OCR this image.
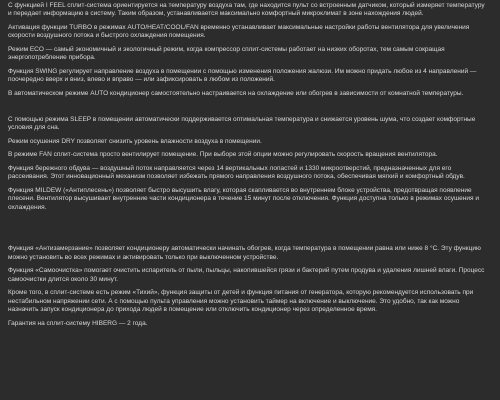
С функцией I FEEL сплит-система ориентируется на температуру воздуха там, где находится пульт со встроенным датчиком, который измеряет температуру и передает информацию в систему. Таким образом, устанавливается максимально комфортный микроклимат в зоне нахождения людей.

Активация функции TURBO в режимах AUTO/HEAT/COOL/FAN временно устанавливает максимальные настройки работы вентилятора для увеличения скорости воздушного потока и быстрого охлаждения помещения.

Режим ECO — самый экономичный и экологичный режим, когда компрессор сплит-системы работает на низких оборотах, тем самым сокращая энергопотребление прибора.

Функция SWING регулирует направление воздуха в помещении с помощью изменения положения жалюзи. Им можно придать любое из 4 направлений — поочередно вверх и вниз, влево и вправо — или зафиксировать в любом из положений.

В автоматическом режиме AUTO кондиционер самостоятельно настраивается на охлаждение или обогрев в зависимости от комнатной температуры.

С помощью режима SLEEP в помещении автоматически поддерживается оптимальная температура и снижается уровень шума, что создает комфортные условия для сна.

Режим осушения DRY позволяет снизить уровень влажности воздуха в помещении.

В режиме FAN сплит-система просто вентилирует помещение. При выборе этой опции можно регулировать скорость вращения вентилятора.

Функция бережного обдува — воздушный поток направляется через 14 вертикальных лопастей и 1330 микроотверстий, предназначенных для его рассеивания. Этот инновационный механизм позволяет избежать прямого направления воздушного потока, обеспечивая мягкий и комфортный обдув.

Функция MILDEW («Антиплесень») позволяет быстро высушить влагу, которая скапливается во внутреннем блоке устройства, предотвращая появление плесени. Вентилятор высушивает внутренние части кондиционера в течение 15 минут после отключения. Функция доступна только в режимах осушения и охлаждения.

Функция «Антизамерзание» позволяет кондиционеру автоматически начинать обогрев, когда температура в помещении равна или ниже 8 °С. Эту функцию можно установить во всех режимах и активировать только при выключенном устройстве.

Функция «Самоочистка» помогает очистить испаритель от пыли, пыльцы, накопившейся грязи и бактерий путем продува и удаления лишней влаги. Процесс самоочистки длится около 30 минут.

Кроме того, в сплит-системе есть режим «Тихий», функция защиты от детей и функция питания от генератора, которую рекомендуется использовать при нестабильном напряжении сети. А с помощью пульта управления можно установить таймер на включение и выключение. Это удобно, так как можно назначить запуск кондиционера до прихода людей в помещение или отключить кондиционер через определенное время.

Гарантия на сплит-систему HIBERG — 2 года.
